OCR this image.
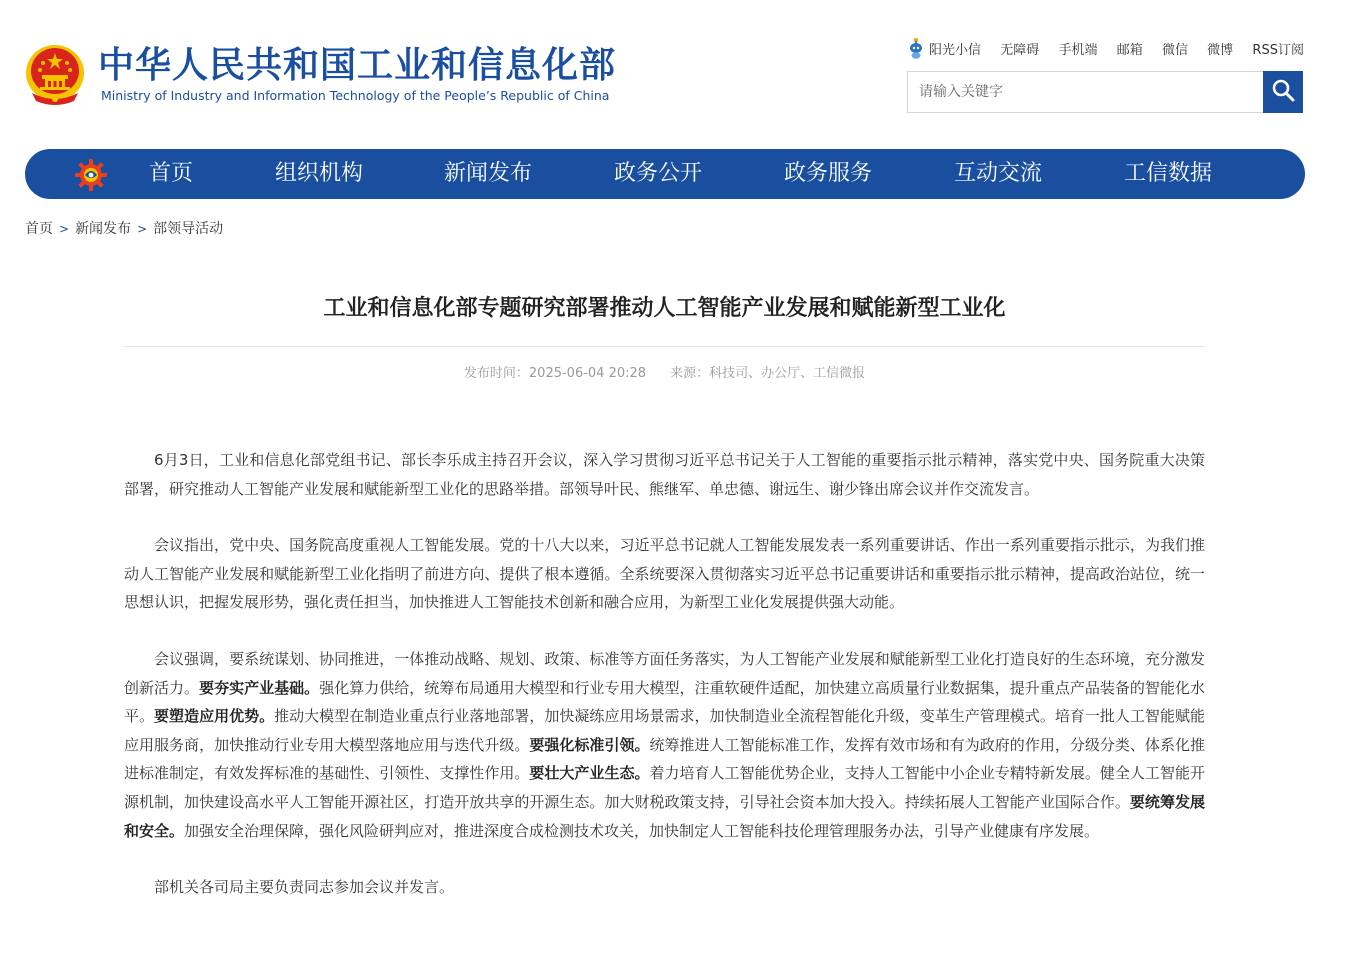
中华人民共和国工业和信息化部
Ministry of Industry and Information Technology of the People’s Republic of China
阳光小信 无障碍 手机端 邮箱 微信 微博 RSS订阅
请输入关键字
首页	组织机构	新闻发布	政务公开	政务服务	互动交流	工信数据
首页 > 新闻发布 > 部领导活动
工业和信息化部专题研究部署推动人工智能产业发展和赋能新型工业化
发布时间：2025-06-04 20:28 来源：科技司、办公厅、工信微报

6月3日，工业和信息化部党组书记、部长李乐成主持召开会议，深入学习贯彻习近平总书记关于人工智能的重要指示批示精神，落实党中央、国务院重大决策部署，研究推动人工智能产业发展和赋能新型工业化的思路举措。部领导叶民、熊继军、单忠德、谢远生、谢少锋出席会议并作交流发言。

会议指出，党中央、国务院高度重视人工智能发展。党的十八大以来，习近平总书记就人工智能发展发表一系列重要讲话、作出一系列重要指示批示，为我们推动人工智能产业发展和赋能新型工业化指明了前进方向、提供了根本遵循。全系统要深入贯彻落实习近平总书记重要讲话和重要指示批示精神，提高政治站位，统一思想认识，把握发展形势，强化责任担当，加快推进人工智能技术创新和融合应用，为新型工业化发展提供强大动能。

会议强调，要系统谋划、协同推进，一体推动战略、规划、政策、标准等方面任务落实，为人工智能产业发展和赋能新型工业化打造良好的生态环境，充分激发创新活力。要夯实产业基础。强化算力供给，统筹布局通用大模型和行业专用大模型，注重软硬件适配，加快建立高质量行业数据集，提升重点产品装备的智能化水平。要塑造应用优势。推动大模型在制造业重点行业落地部署，加快凝练应用场景需求，加快制造业全流程智能化升级，变革生产管理模式。培育一批人工智能赋能应用服务商，加快推动行业专用大模型落地应用与迭代升级。要强化标准引领。统筹推进人工智能标准工作，发挥有效市场和有为政府的作用，分级分类、体系化推进标准制定，有效发挥标准的基础性、引领性、支撑性作用。要壮大产业生态。着力培育人工智能优势企业，支持人工智能中小企业专精特新发展。健全人工智能开源机制，加快建设高水平人工智能开源社区，打造开放共享的开源生态。加大财税政策支持，引导社会资本加大投入。持续拓展人工智能产业国际合作。要统筹发展和安全。加强安全治理保障，强化风险研判应对，推进深度合成检测技术攻关，加快制定人工智能科技伦理管理服务办法，引导产业健康有序发展。

部机关各司局主要负责同志参加会议并发言。
